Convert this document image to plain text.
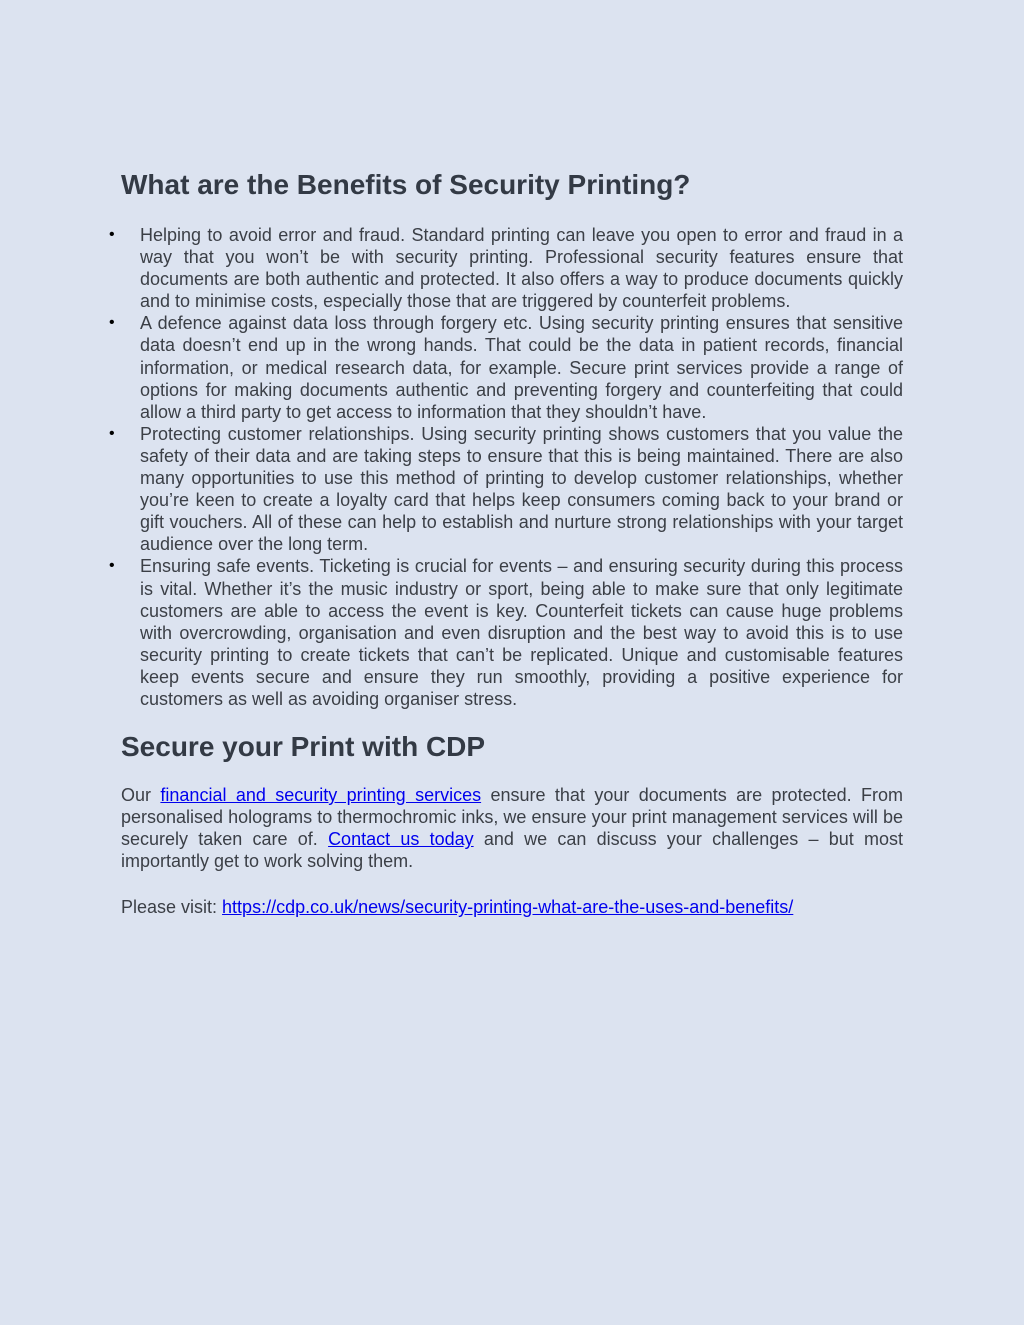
What are the Benefits of Security Printing?
• Helping to avoid error and fraud. Standard printing can leave you open to error and fraud in a way that you won’t be with security printing. Professional security features ensure that documents are both authentic and protected. It also offers a way to produce documents quickly and to minimise costs, especially those that are triggered by counterfeit problems.
• A defence against data loss through forgery etc. Using security printing ensures that sensitive data doesn’t end up in the wrong hands. That could be the data in patient records, financial information, or medical research data, for example. Secure print services provide a range of options for making documents authentic and preventing forgery and counterfeiting that could allow a third party to get access to information that they shouldn’t have.
• Protecting customer relationships. Using security printing shows customers that you value the safety of their data and are taking steps to ensure that this is being maintained. There are also many opportunities to use this method of printing to develop customer relationships, whether you’re keen to create a loyalty card that helps keep consumers coming back to your brand or gift vouchers. All of these can help to establish and nurture strong relationships with your target audience over the long term.
• Ensuring safe events. Ticketing is crucial for events – and ensuring security during this process is vital. Whether it’s the music industry or sport, being able to make sure that only legitimate customers are able to access the event is key. Counterfeit tickets can cause huge problems with overcrowding, organisation and even disruption and the best way to avoid this is to use security printing to create tickets that can’t be replicated. Unique and customisable features keep events secure and ensure they run smoothly, providing a positive experience for customers as well as avoiding organiser stress.
Secure your Print with CDP

Our financial and security printing services ensure that your documents are protected. From personalised holograms to thermochromic inks, we ensure your print management services will be securely taken care of. Contact us today and we can discuss your challenges – but most importantly get to work solving them.

Please visit: https://cdp.co.uk/news/security-printing-what-are-the-uses-and-benefits/
